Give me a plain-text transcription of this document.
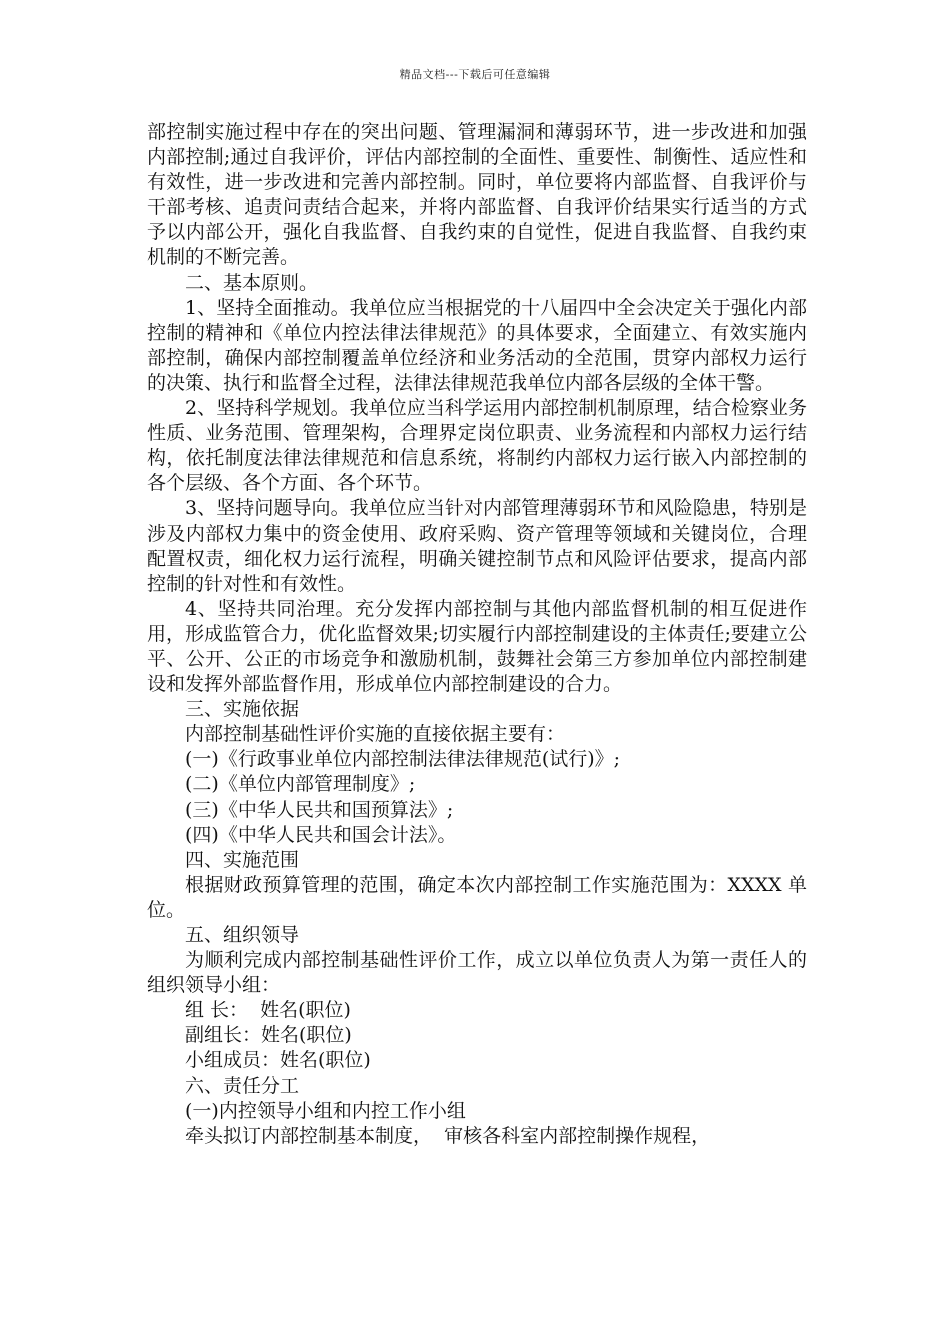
精品文档---下载后可任意编辑

部控制实施过程中存在的突出问题、管理漏洞和薄弱环节，进一步改进和加强内部控制;通过自我评价，评估内部控制的全面性、重要性、制衡性、适应性和有效性，进一步改进和完善内部控制。同时，单位要将内部监督、自我评价与干部考核、追责问责结合起来，并将内部监督、自我评价结果实行适当的方式予以内部公开，强化自我监督、自我约束的自觉性，促进自我监督、自我约束机制的不断完善。

二、基本原则。

1、坚持全面推动。我单位应当根据党的十八届四中全会决定关于强化内部控制的精神和《单位内控法律法律规范》的具体要求，全面建立、有效实施内部控制，确保内部控制覆盖单位经济和业务活动的全范围，贯穿内部权力运行的决策、执行和监督全过程，法律法律规范我单位内部各层级的全体干警。

2、坚持科学规划。我单位应当科学运用内部控制机制原理，结合检察业务性质、业务范围、管理架构，合理界定岗位职责、业务流程和内部权力运行结构，依托制度法律法律规范和信息系统，将制约内部权力运行嵌入内部控制的各个层级、各个方面、各个环节。

3、坚持问题导向。我单位应当针对内部管理薄弱环节和风险隐患，特别是涉及内部权力集中的资金使用、政府采购、资产管理等领域和关键岗位，合理配置权责，细化权力运行流程，明确关键控制节点和风险评估要求，提高内部控制的针对性和有效性。

4、坚持共同治理。充分发挥内部控制与其他内部监督机制的相互促进作用，形成监管合力，优化监督效果;切实履行内部控制建设的主体责任;要建立公平、公开、公正的市场竞争和激励机制，鼓舞社会第三方参加单位内部控制建设和发挥外部监督作用，形成单位内部控制建设的合力。

三、实施依据

内部控制基础性评价实施的直接依据主要有：

(一)《行政事业单位内部控制法律法律规范(试行)》;

(二)《单位内部管理制度》;

(三)《中华人民共和国预算法》;

(四)《中华人民共和国会计法》。

四、实施范围

根据财政预算管理的范围，确定本次内部控制工作实施范围为：XXXX 单位。

五、组织领导

为顺利完成内部控制基础性评价工作，成立以单位负责人为第一责任人的组织领导小组：

组 长：  姓名(职位)

副组长：姓名(职位)

小组成员：姓名(职位)

六、责任分工

(一)内控领导小组和内控工作小组

牵头拟订内部控制基本制度，  审核各科室内部控制操作规程，
